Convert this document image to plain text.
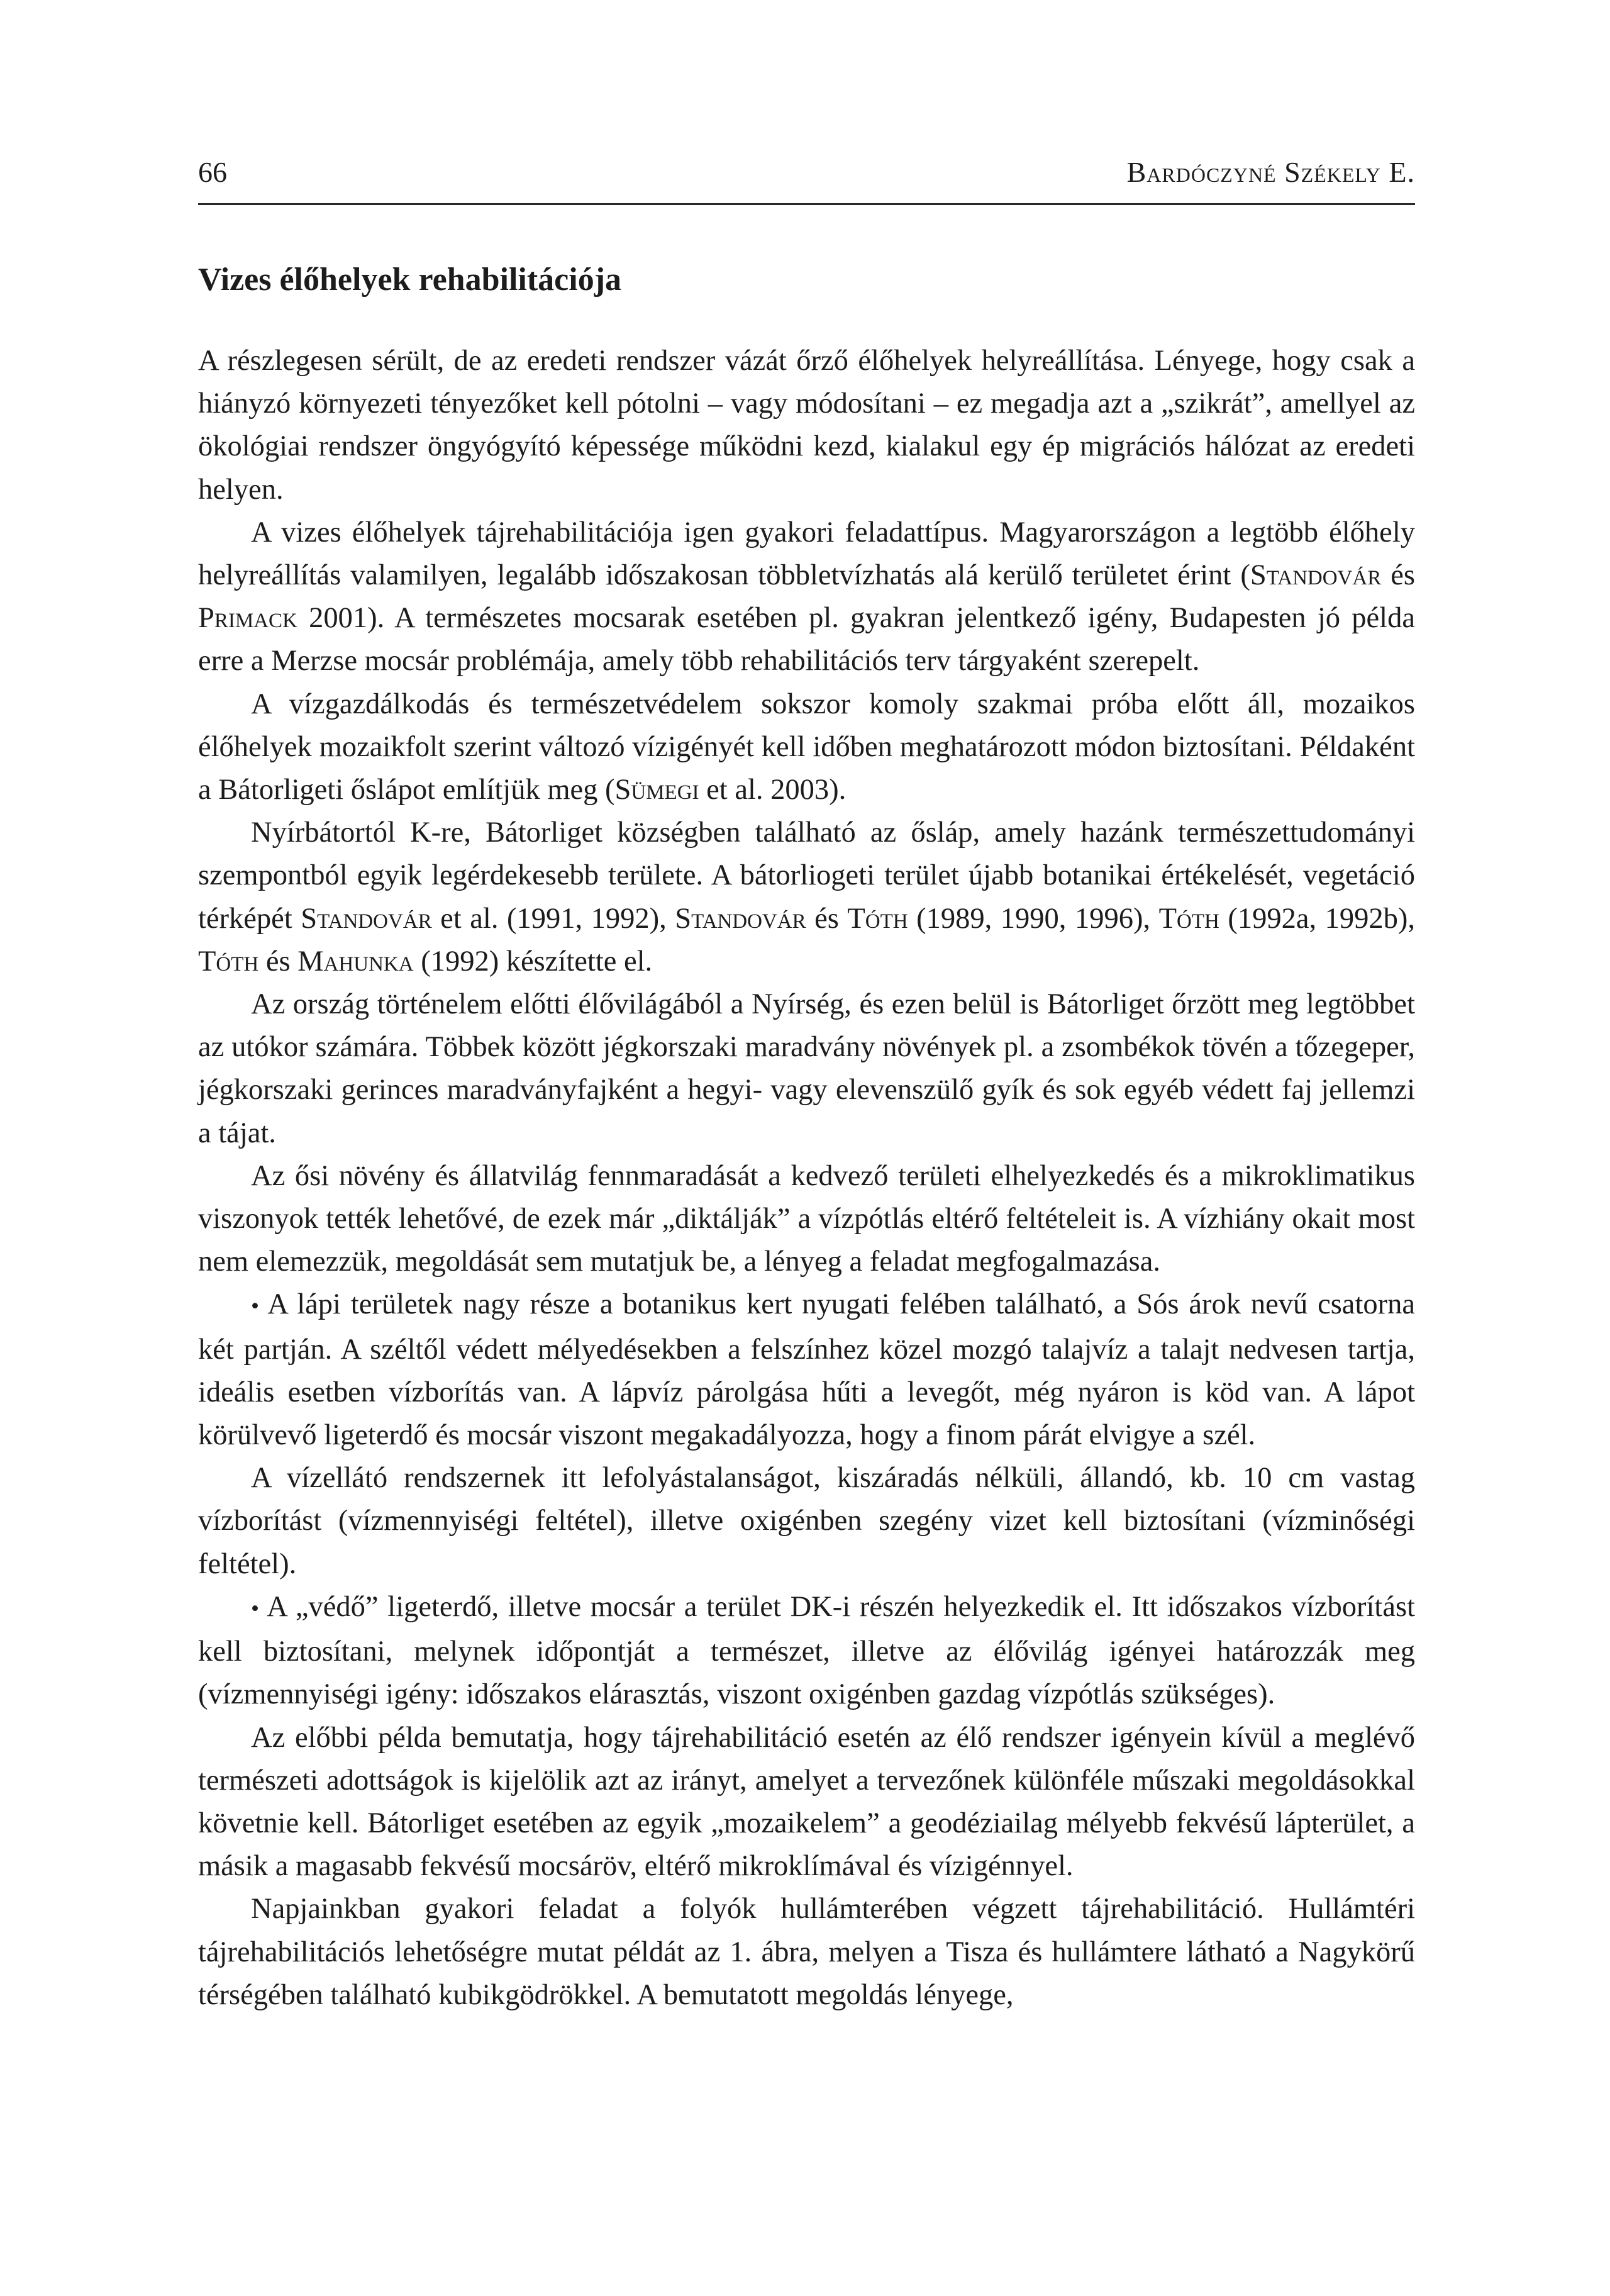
66	Bardóczyné Székely E.
Vizes élőhelyek rehabilitációja

A részlegesen sérült, de az eredeti rendszer vázát őrző élőhelyek helyreállítása. Lényege, hogy csak a hiányzó környezeti tényezőket kell pótolni – vagy módosítani – ez megadja azt a „szikrát”, amellyel az ökológiai rendszer öngyógyító képessége működni kezd, kialakul egy ép migrációs hálózat az eredeti helyen.

A vizes élőhelyek tájrehabilitációja igen gyakori feladattípus. Magyarországon a legtöbb élőhely helyreállítás valamilyen, legalább időszakosan többletvízhatás alá kerülő területet érint (Standovár és Primack 2001). A természetes mocsarak esetében pl. gyakran jelentkező igény, Budapesten jó példa erre a Merzse mocsár problémája, amely több rehabilitációs terv tárgyaként szerepelt.

A vízgazdálkodás és természetvédelem sokszor komoly szakmai próba előtt áll, mozaikos élőhelyek mozaikfolt szerint változó vízigényét kell időben meghatározott módon biztosítani. Példaként a Bátorligeti őslápot említjük meg (Sümegi et al. 2003).

Nyírbátortól K-re, Bátorliget községben található az ősláp, amely hazánk természettudományi szempontból egyik legérdekesebb területe. A bátorliogeti terület újabb botanikai értékelését, vegetáció térképét Standovár et al. (1991, 1992), Standovár és Tóth (1989, 1990, 1996), Tóth (1992a, 1992b), Tóth és Mahunka (1992) készítette el.

Az ország történelem előtti élővilágából a Nyírség, és ezen belül is Bátorliget őrzött meg legtöbbet az utókor számára. Többek között jégkorszaki maradvány növények pl. a zsombékok tövén a tőzegeper, jégkorszaki gerinces maradványfajként a hegyi- vagy elevenszülő gyík és sok egyéb védett faj jellemzi a tájat.

Az ősi növény és állatvilág fennmaradását a kedvező területi elhelyezkedés és a mikroklimatikus viszonyok tették lehetővé, de ezek már „diktálják” a vízpótlás eltérő feltételeit is. A vízhiány okait most nem elemezzük, megoldását sem mutatjuk be, a lényeg a feladat megfogalmazása.

• A lápi területek nagy része a botanikus kert nyugati felében található, a Sós árok nevű csatorna két partján. A széltől védett mélyedésekben a felszínhez közel mozgó talajvíz a talajt nedvesen tartja, ideális esetben vízborítás van. A lápvíz párolgása hűti a levegőt, még nyáron is köd van. A lápot körülvevő ligeterdő és mocsár viszont megakadályozza, hogy a finom párát elvigye a szél.

A vízellátó rendszernek itt lefolyástalanságot, kiszáradás nélküli, állandó, kb. 10 cm vastag vízborítást (vízmennyiségi feltétel), illetve oxigénben szegény vizet kell biztosítani (vízminőségi feltétel).

• A „védő” ligeterdő, illetve mocsár a terület DK-i részén helyezkedik el. Itt időszakos vízborítást kell biztosítani, melynek időpontját a természet, illetve az élővilág igényei határozzák meg (vízmennyiségi igény: időszakos elárasztás, viszont oxigénben gazdag vízpótlás szükséges).

Az előbbi példa bemutatja, hogy tájrehabilitáció esetén az élő rendszer igényein kívül a meglévő természeti adottságok is kijelölik azt az irányt, amelyet a tervezőnek különféle műszaki megoldásokkal követnie kell. Bátorliget esetében az egyik „mozaikelem” a geodéziailag mélyebb fekvésű lápterület, a másik a magasabb fekvésű mocsáröv, eltérő mikroklímával és vízigénnyel.

Napjainkban gyakori feladat a folyók hullámterében végzett tájrehabilitáció. Hullámtéri tájrehabilitációs lehetőségre mutat példát az 1. ábra, melyen a Tisza és hullámtere látható a Nagykörű térségében található kubikgödrökkel. A bemutatott megoldás lényege,
